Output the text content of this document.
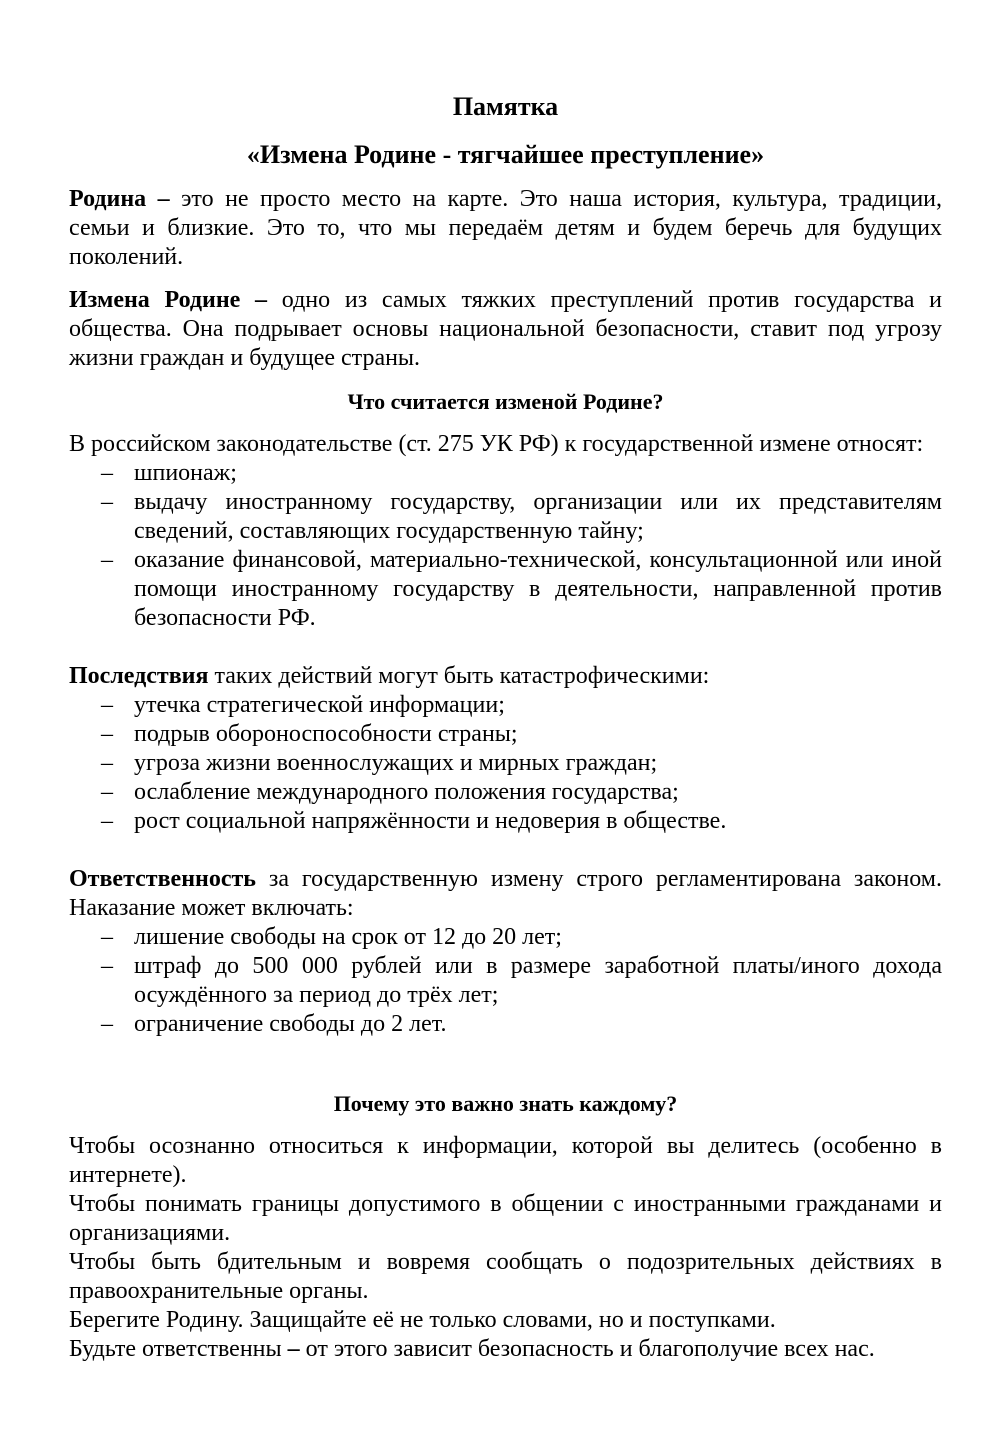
Памятка
«Измена Родине - тягчайшее преступление»

Родина – это не просто место на карте. Это наша история, культура, традиции, семьи и близкие. Это то, что мы передаём детям и будем беречь для будущих поколений.

Измена Родине – одно из самых тяжких преступлений против государства и общества. Она подрывает основы национальной безопасности, ставит под угрозу жизни граждан и будущее страны.

Что считается изменой Родине?

В российском законодательстве (ст. 275 УК РФ) к государственной измене относят:

– шпионаж;
– выдачу иностранному государству, организации или их представителям сведений, составляющих государственную тайну;
– оказание финансовой, материально-технической, консультационной или иной помощи иностранному государству в деятельности, направленной против безопасности РФ.

Последствия таких действий могут быть катастрофическими:

– утечка стратегической информации;
– подрыв обороноспособности страны;
– угроза жизни военнослужащих и мирных граждан;
– ослабление международного положения государства;
– рост социальной напряжённости и недоверия в обществе.

Ответственность за государственную измену строго регламентирована законом. Наказание может включать:

– лишение свободы на срок от 12 до 20 лет;
– штраф до 500 000 рублей или в размере заработной платы/иного дохода осуждённого за период до трёх лет;
– ограничение свободы до 2 лет.
Почему это важно знать каждому?

Чтобы осознанно относиться к информации, которой вы делитесь (особенно в интернете).

Чтобы понимать границы допустимого в общении с иностранными гражданами и организациями.

Чтобы быть бдительным и вовремя сообщать о подозрительных действиях в правоохранительные органы.

Берегите Родину. Защищайте её не только словами, но и поступками.

Будьте ответственны – от этого зависит безопасность и благополучие всех нас.
